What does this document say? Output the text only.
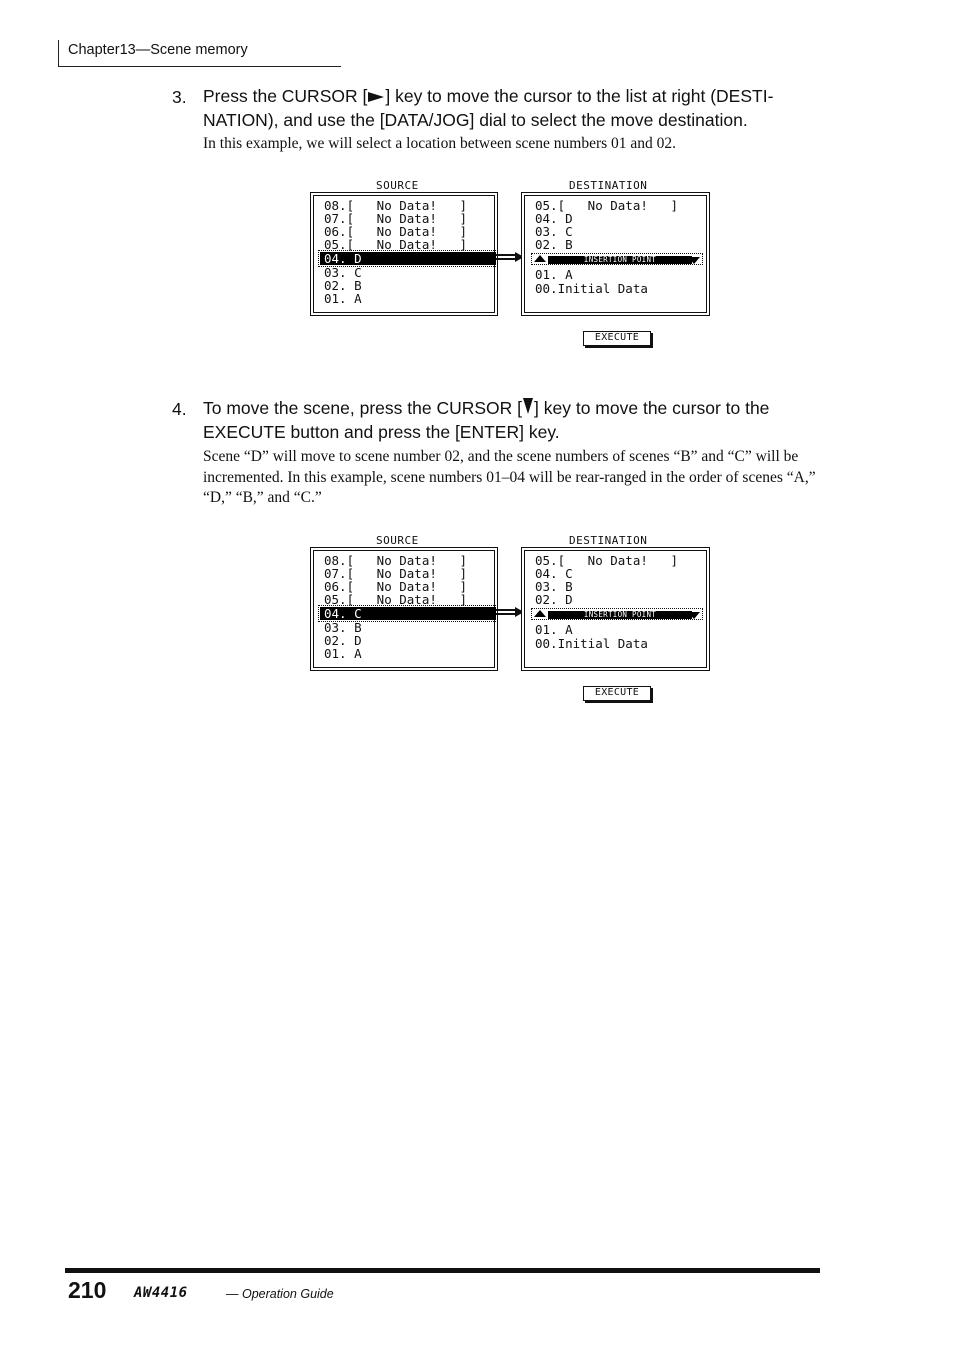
Chapter13—Scene memory
3. Press the CURSOR [ ] key to move the cursor to the list at right (DESTI-NATION), and use the [DATA/JOG] dial to select the move destination.
In this example, we will select a location between scene numbers 01 and 02.
SOURCE	DESTINATION
08.[   No Data!   ]
07.[   No Data!   ]
06.[   No Data!   ]
05.[   No Data!   ]
04. D
03. C
02. B
01. A
05.[   No Data!   ]
04. D
03. C
02. B
INSERTION POINT
01. A
00.Initial Data
EXECUTE
4. To move the scene, press the CURSOR [ ] key to move the cursor to the EXECUTE button and press the [ENTER] key.
Scene “D” will move to scene number 02, and the scene numbers of scenes “B” and “C” will be incremented. In this example, scene numbers 01–04 will be rear-ranged in the order of scenes “A,” “D,” “B,” and “C.”
SOURCE	DESTINATION
08.[   No Data!   ]
07.[   No Data!   ]
06.[   No Data!   ]
05.[   No Data!   ]
04. C
03. B
02. D
01. A
05.[   No Data!   ]
04. C
03. B
02. D
INSERTION POINT
01. A
00.Initial Data
EXECUTE
210 AW4416	— Operation Guide
